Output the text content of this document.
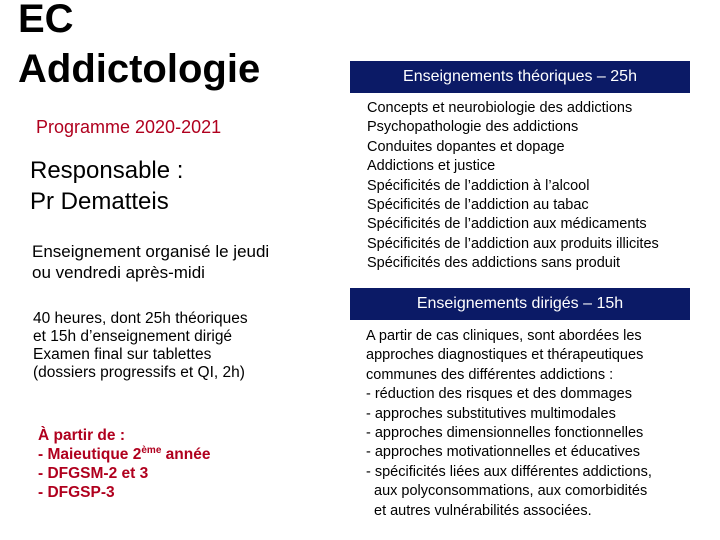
EC
Addictologie
Programme 2020-2021
Responsable :
Pr Dematteis
Enseignement organisé le jeudi
ou vendredi après-midi
40 heures, dont 25h théoriques
et 15h d’enseignement dirigé
Examen final sur tablettes
(dossiers progressifs et QI, 2h)
À partir de :
- Maieutique 2ème année
- DFGSM-2 et 3
- DFGSP-3
Enseignements théoriques – 25h
Concepts et neurobiologie des addictions
Psychopathologie des addictions
Conduites dopantes et dopage
Addictions et justice
Spécificités de l’addiction à l’alcool
Spécificités de l’addiction au tabac
Spécificités de l’addiction aux médicaments
Spécificités de l’addiction aux produits illicites
Spécificités des addictions sans produit
Enseignements dirigés – 15h
A partir de cas cliniques, sont abordées les
approches diagnostiques et thérapeutiques
communes des différentes addictions :
- réduction des risques et des dommages
- approches substitutives multimodales
- approches dimensionnelles fonctionnelles
- approches motivationnelles et éducatives
- spécificités liées aux différentes addictions,
aux polyconsommations, aux comorbidités
et autres vulnérabilités associées.
